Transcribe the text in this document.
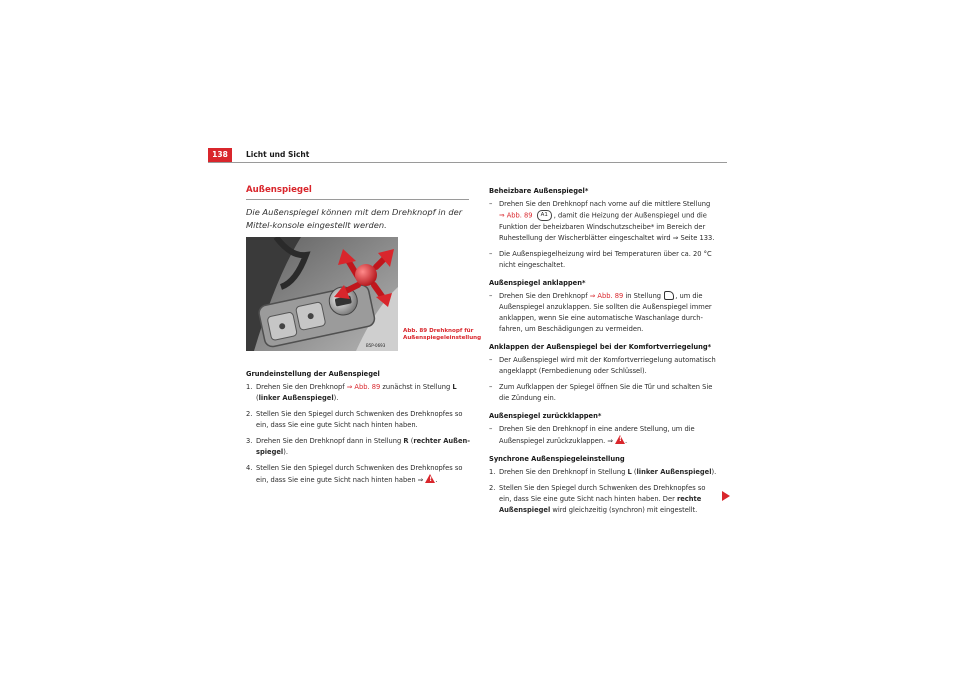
138	Licht und Sicht
Außenspiegel
Die Außenspiegel können mit dem Drehknopf in der Mittel-konsole eingestellt werden.
B5P-0693
Abb. 89 Drehknopf für Außenspiegeleinstellung
Grundeinstellung der Außenspiegel
1. Drehen Sie den Drehknopf ⇒ Abb. 89 zunächst in Stellung L (linker Außenspiegel).
2. Stellen Sie den Spiegel durch Schwenken des Drehknopfes so ein, dass Sie eine gute Sicht nach hinten haben.
3. Drehen Sie den Drehknopf dann in Stellung R (rechter Außen-spiegel).
4. Stellen Sie den Spiegel durch Schwenken des Drehknopfes so ein, dass Sie eine gute Sicht nach hinten haben ⇒ ! .
Beheizbare Außenspiegel*
– Drehen Sie den Drehknopf nach vorne auf die mittlere Stellung
⇒ Abb. 89 A1 , damit die Heizung der Außenspiegel und die Funktion der beheizbaren Windschutzscheibe* im Bereich der Ruhestellung der Wischerblätter eingeschaltet wird ⇒ Seite 133.
– Die Außenspiegelheizung wird bei Temperaturen über ca. 20 °C nicht eingeschaltet.
Außenspiegel anklappen*
– Drehen Sie den Drehknopf ⇒ Abb. 89 in Stellung , um die Außenspiegel anzuklappen. Sie sollten die Außenspiegel immer anklappen, wenn Sie eine automatische Waschanlage durch-fahren, um Beschädigungen zu vermeiden.
Anklappen der Außenspiegel bei der Komfortverriegelung*
– Der Außenspiegel wird mit der Komfortverriegelung automatisch angeklappt (Fernbedienung oder Schlüssel).
– Zum Aufklappen der Spiegel öffnen Sie die Tür und schalten Sie die Zündung ein.
Außenspiegel zurückklappen*
– Drehen Sie den Drehknopf in eine andere Stellung, um die Außenspiegel zurückzuklappen. ⇒ ! .
Synchrone Außenspiegeleinstellung
1. Drehen Sie den Drehknopf in Stellung L (linker Außenspiegel).
2. Stellen Sie den Spiegel durch Schwenken des Drehknopfes so ein, dass Sie eine gute Sicht nach hinten haben. Der rechte Außenspiegel wird gleichzeitig (synchron) mit eingestellt.
